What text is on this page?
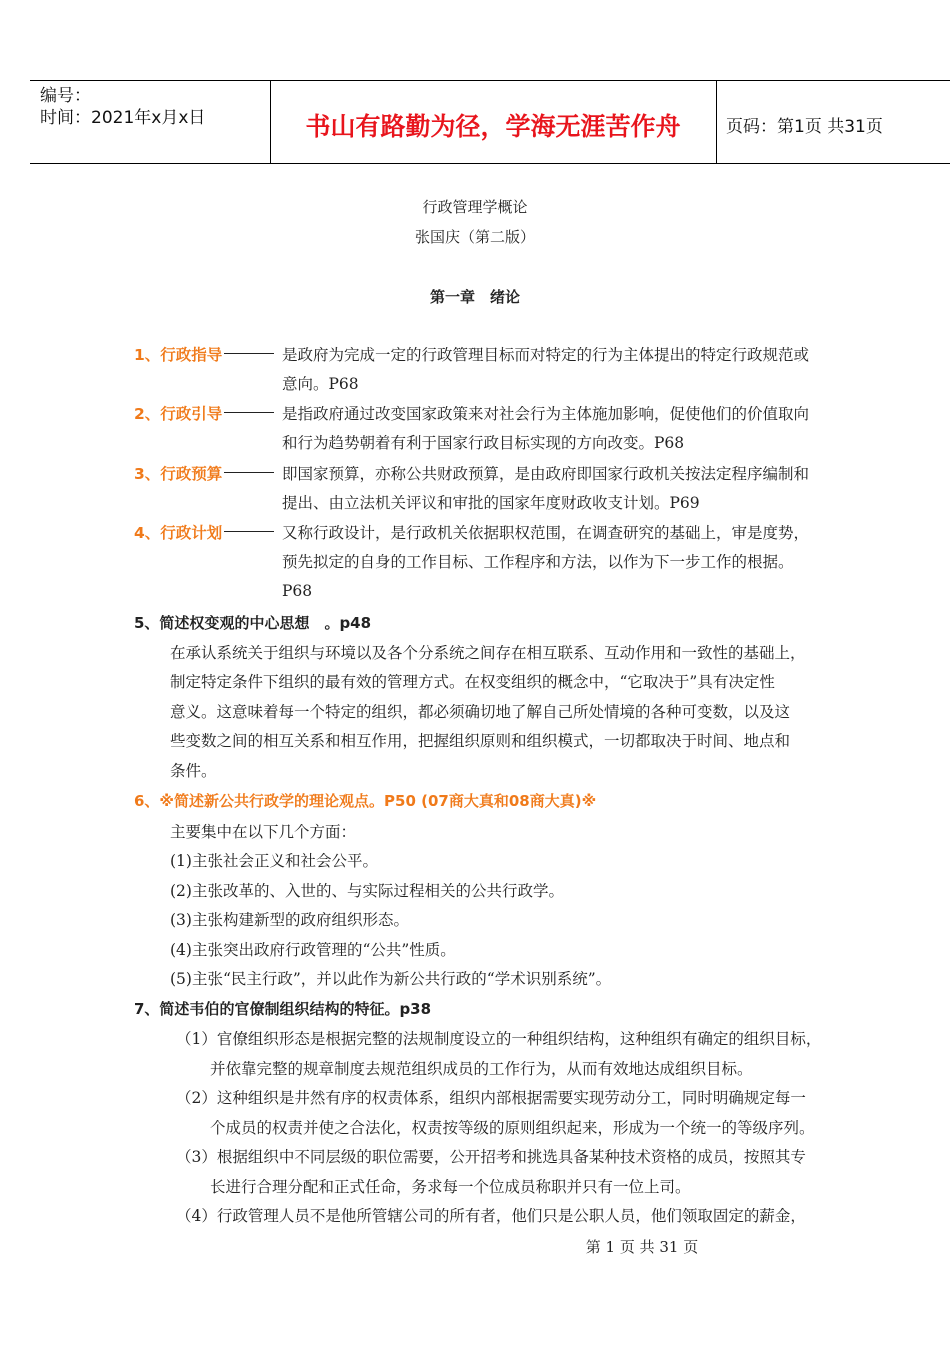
编号：
时间：2021年x月x日	书山有路勤为径，学海无涯苦作舟	页码：第1页 共31页
行政管理学概论
张国庆（第二版）
第一章　绪论
1、行政指导	是政府为完成一定的行政管理目标而对特定的行为主体提出的特定行政规范或
意向。P68
2、行政引导	是指政府通过改变国家政策来对社会行为主体施加影响，促使他们的价值取向
和行为趋势朝着有利于国家行政目标实现的方向改变。P68
3、行政预算	即国家预算，亦称公共财政预算，是由政府即国家行政机关按法定程序编制和
提出、由立法机关评议和审批的国家年度财政收支计划。P69
4、行政计划	又称行政设计，是行政机关依据职权范围，在调查研究的基础上，审是度势，
预先拟定的自身的工作目标、工作程序和方法，以作为下一步工作的根据。
P68
5、简述权变观的中心思想　。p48
在承认系统关于组织与环境以及各个分系统之间存在相互联系、互动作用和一致性的基础上，
制定特定条件下组织的最有效的管理方式。在权变组织的概念中，“它取决于”具有决定性
意义。这意味着每一个特定的组织，都必须确切地了解自己所处情境的各种可变数，以及这
些变数之间的相互关系和相互作用，把握组织原则和组织模式，一切都取决于时间、地点和
条件。
6、※简述新公共行政学的理论观点。P50 (07商大真和08商大真)※
主要集中在以下几个方面：
(1)主张社会正义和社会公平。
(2)主张改革的、入世的、与实际过程相关的公共行政学。
(3)主张构建新型的政府组织形态。
(4)主张突出政府行政管理的“公共”性质。
(5)主张“民主行政”，并以此作为新公共行政的“学术识别系统”。
7、简述韦伯的官僚制组织结构的特征。p38
（1）官僚组织形态是根据完整的法规制度设立的一种组织结构，这种组织有确定的组织目标，
并依靠完整的规章制度去规范组织成员的工作行为，从而有效地达成组织目标。
（2）这种组织是井然有序的权责体系，组织内部根据需要实现劳动分工，同时明确规定每一
个成员的权责并使之合法化，权责按等级的原则组织起来，形成为一个统一的等级序列。
（3）根据组织中不同层级的职位需要，公开招考和挑选具备某种技术资格的成员，按照其专
长进行合理分配和正式任命，务求每一个位成员称职并只有一位上司。
（4）行政管理人员不是他所管辖公司的所有者，他们只是公职人员，他们领取固定的薪金，
第 1 页 共 31 页
